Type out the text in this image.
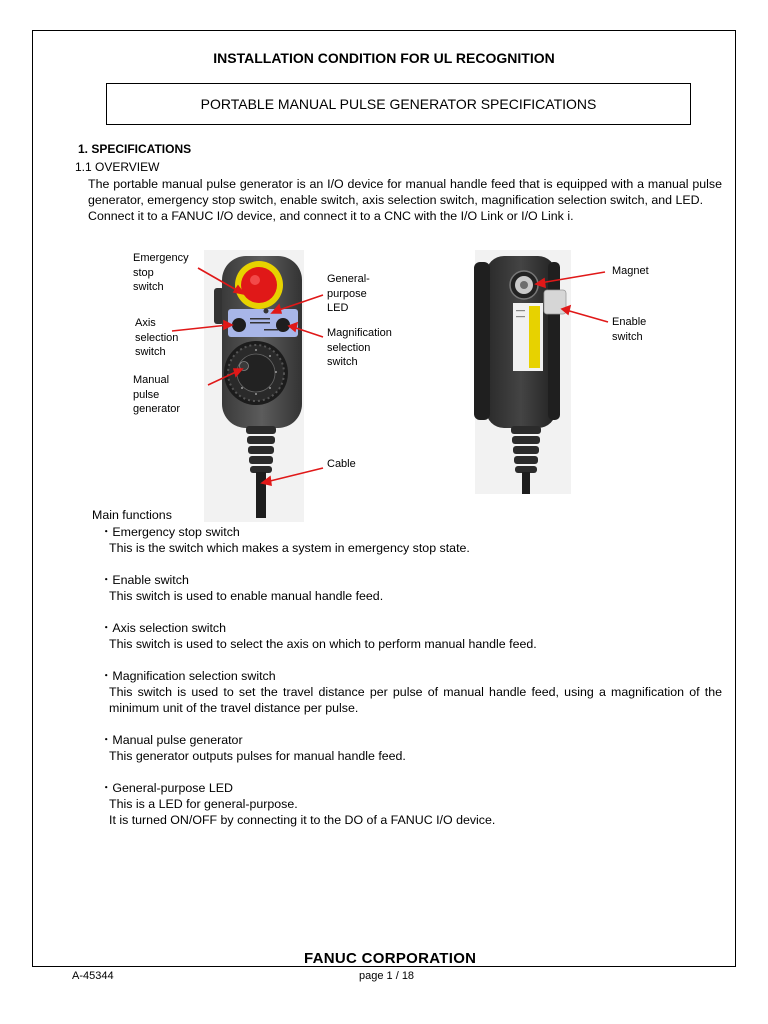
INSTALLATION CONDITION FOR UL RECOGNITION
PORTABLE MANUAL PULSE GENERATOR SPECIFICATIONS
1. SPECIFICATIONS
1.1 OVERVIEW

The portable manual pulse generator is an I/O device for manual handle feed that is equipped with a manual pulse generator, emergency stop switch, enable switch, axis selection switch, magnification selection switch, and LED.

Connect it to a FANUC I/O device, and connect it to a CNC with the I/O Link or I/O Link i.

Emergency
stop
switch
General-
purpose
LED
Axis
selection
switch
Magnification
selection
switch
Manual
pulse
generator
Cable
Magnet
Enable
switch
Main functions
・Emergency stop switch
This is the switch which makes a system in emergency stop state.
・Enable switch
This switch is used to enable manual handle feed.
・Axis selection switch
This switch is used to select the axis on which to perform manual handle feed.
・Magnification selection switch
This switch is used to set the travel distance per pulse of manual handle feed, using a magnification of the minimum unit of the travel distance per pulse.
・Manual pulse generator
This generator outputs pulses for manual handle feed.
・General-purpose LED
This is a LED for general-purpose.
It is turned ON/OFF by connecting it to the DO of a FANUC I/O device.
FANUC CORPORATION
A-45344	page 1 / 18
